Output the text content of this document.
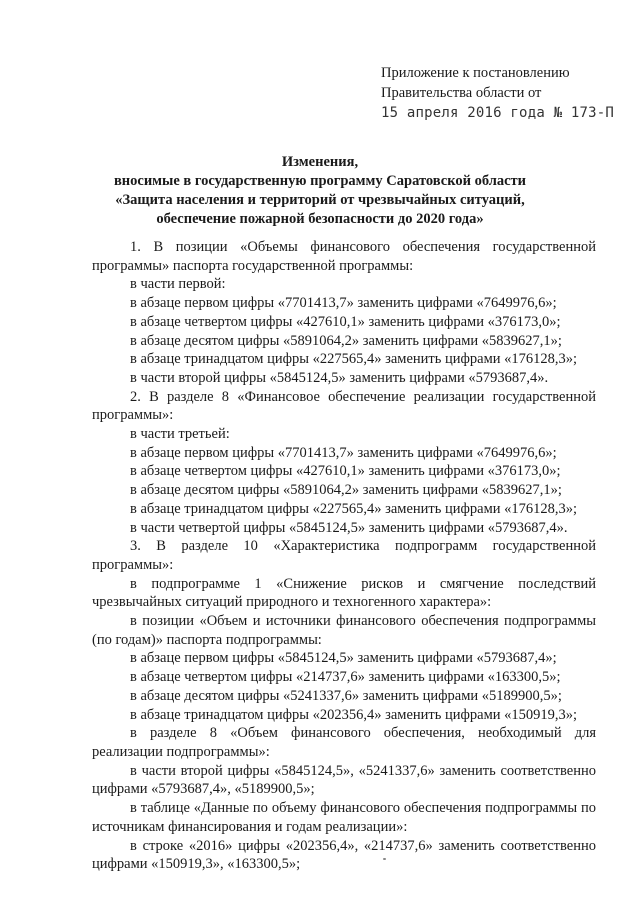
Приложение к постановлению
Правительства области от
15 апреля 2016 года № 173-П
Изменения,
вносимые в государственную программу Саратовской области
«Защита населения и территорий от чрезвычайных ситуаций,
обеспечение пожарной безопасности до 2020 года»

1. В позиции «Объемы финансового обеспечения государственной программы» паспорта государственной программы:

в части первой:

в абзаце первом цифры «7701413,7» заменить цифрами «7649976,6»;

в абзаце четвертом цифры «427610,1» заменить цифрами «376173,0»;

в абзаце десятом цифры «5891064,2» заменить цифрами «5839627,1»;

в абзаце тринадцатом цифры «227565,4» заменить цифрами «176128,3»;

в части второй цифры «5845124,5» заменить цифрами «5793687,4».

2. В разделе 8 «Финансовое обеспечение реализации государственной программы»:

в части третьей:

в абзаце первом цифры «7701413,7» заменить цифрами «7649976,6»;

в абзаце четвертом цифры «427610,1» заменить цифрами «376173,0»;

в абзаце десятом цифры «5891064,2» заменить цифрами «5839627,1»;

в абзаце тринадцатом цифры «227565,4» заменить цифрами «176128,3»;

в части четвертой цифры «5845124,5» заменить цифрами «5793687,4».

3. В разделе 10 «Характеристика подпрограмм государственной программы»:

в подпрограмме 1 «Снижение рисков и смягчение последствий чрезвычайных ситуаций природного и техногенного характера»:

в позиции «Объем и источники финансового обеспечения подпрограммы (по годам)» паспорта подпрограммы:

в абзаце первом цифры «5845124,5» заменить цифрами «5793687,4»;

в абзаце четвертом цифры «214737,6» заменить цифрами «163300,5»;

в абзаце десятом цифры «5241337,6» заменить цифрами «5189900,5»;

в абзаце тринадцатом цифры «202356,4» заменить цифрами «150919,3»;

в разделе 8 «Объем финансового обеспечения, необходимый для реализации подпрограммы»:

в части второй цифры «5845124,5», «5241337,6» заменить соответственно цифрами «5793687,4», «5189900,5»;

в таблице «Данные по объему финансового обеспечения подпрограммы по источникам финансирования и годам реализации»:

в строке «2016» цифры «202356,4», «214737,6» заменить соответственно цифрами «150919,3», «163300,5»;
